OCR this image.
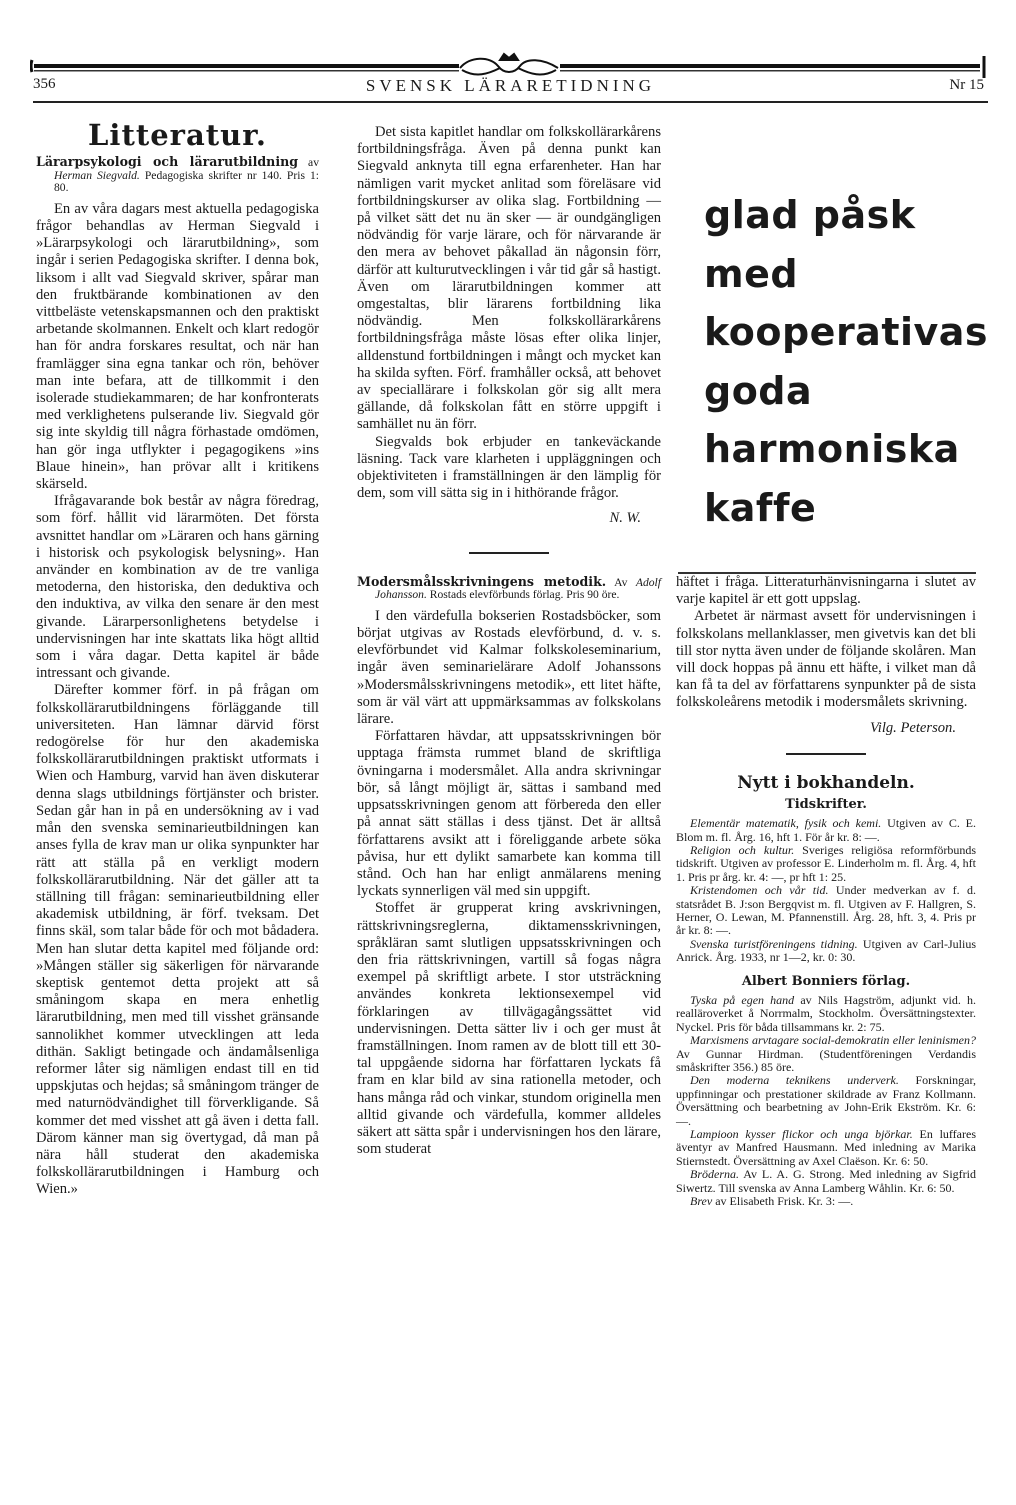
356	SVENSK LÄRARETIDNING	Nr 15
Litteratur.
Lärarpsykologi och lärarutbildning av Herman Siegvald. Pedagogiska skrifter nr 140. Pris 1: 80.

En av våra dagars mest aktuella pedagogiska frågor behandlas av Herman Siegvald i »Lärarpsykologi och lärarutbildning», som ingår i serien Pedagogiska skrifter. I denna bok, liksom i allt vad Siegvald skriver, spårar man den fruktbärande kombinationen av den vittbeläste vetenskapsmannen och den praktiskt arbetande skolmannen. Enkelt och klart redogör han för andra forskares resultat, och när han framlägger sina egna tankar och rön, behöver man inte befara, att de tillkommit i den isolerade studiekammaren; de har konfronterats med verklighetens pulserande liv. Siegvald gör sig inte skyldig till några förhastade omdömen, han gör inga utflykter i pegagogikens »ins Blaue hinein», han prövar allt i kritikens skärseld.

Ifrågavarande bok består av några föredrag, som förf. hållit vid lärarmöten. Det första avsnittet handlar om »Läraren och hans gärning i historisk och psykologisk belysning». Han använder en kombination av de tre vanliga metoderna, den historiska, den deduktiva och den induktiva, av vilka den senare är den mest givande. Lärarpersonlighetens betydelse i undervisningen har inte skattats lika högt alltid som i våra dagar. Detta kapitel är både intressant och givande.

Därefter kommer förf. in på frågan om folkskollärarutbildningens förläggande till universiteten. Han lämnar därvid först redogörelse för hur den akademiska folkskollärarutbildningen praktiskt utformats i Wien och Hamburg, varvid han även diskuterar denna slags utbildnings förtjänster och brister. Sedan går han in på en undersökning av i vad mån den svenska seminarieutbildningen kan anses fylla de krav man ur olika synpunkter har rätt att ställa på en verkligt modern folkskollärarutbildning. När det gäller att ta ställning till frågan: seminarieutbildning eller akademisk utbildning, är förf. tveksam. Det finns skäl, som talar både för och mot bådadera. Men han slutar detta kapitel med följande ord: »Mången ställer sig säkerligen för närvarande skeptisk gentemot detta projekt att så småningom skapa en mera enhetlig lärarutbildning, men med till visshet gränsande sannolikhet kommer utvecklingen att leda dithän. Sakligt betingade och ändamålsenliga reformer låter sig nämligen endast till en tid uppskjutas och hejdas; så småningom tränger de med naturnödvändighet till förverkligande. Så kommer det med visshet att gå även i detta fall. Därom känner man sig övertygad, då man på nära håll studerat den akademiska folkskollärarutbildningen i Hamburg och Wien.»

Det sista kapitlet handlar om folkskollärarkårens fortbildningsfråga. Även på denna punkt kan Siegvald anknyta till egna erfarenheter. Han har nämligen varit mycket anlitad som föreläsare vid fortbildningskurser av olika slag. Fortbildning — på vilket sätt det nu än sker — är oundgängligen nödvändig för varje lärare, och för närvarande är den mera av behovet påkallad än någonsin förr, därför att kulturutvecklingen i vår tid går så hastigt. Även om lärarutbildningen kommer att omgestaltas, blir lärarens fortbildning lika nödvändig. Men folkskollärarkårens fortbildningsfråga måste lösas efter olika linjer, alldenstund fortbildningen i mångt och mycket kan ha skilda syften. Förf. framhåller också, att behovet av speciallärare i folkskolan gör sig allt mera gällande, då folkskolan fått en större uppgift i samhället nu än förr.

Siegvalds bok erbjuder en tankeväckande läsning. Tack vare klarheten i uppläggningen och objektiviteten i framställningen är den lämplig för dem, som vill sätta sig in i hithörande frågor.

N. W.
Modersmålsskrivningens metodik. Av Adolf Johansson. Rostads elevförbunds förlag. Pris 90 öre.

I den värdefulla bokserien Rostadsböcker, som börjat utgivas av Rostads elevförbund, d. v. s. elevförbundet vid Kalmar folkskoleseminarium, ingår även seminarielärare Adolf Johanssons »Modersmålsskrivningens metodik», ett litet häfte, som är väl värt att uppmärksammas av folkskolans lärare.

Författaren hävdar, att uppsatsskrivningen bör upptaga främsta rummet bland de skriftliga övningarna i modersmålet. Alla andra skrivningar bör, så långt möjligt är, sättas i samband med uppsatsskrivningen genom att förbereda den eller på annat sätt ställas i dess tjänst. Det är alltså författarens avsikt att i föreliggande arbete söka påvisa, hur ett dylikt samarbete kan komma till stånd. Och han har enligt anmälarens mening lyckats synnerligen väl med sin uppgift.

Stoffet är grupperat kring avskrivningen, rättskrivningsreglerna, diktamensskrivningen, språkläran samt slutligen uppsatsskrivningen och den fria rättskrivningen, vartill så fogas några exempel på skriftligt arbete. I stor utsträckning användes konkreta lektionsexempel vid förklaringen av tillvägagångssättet vid undervisningen. Detta sätter liv i och ger must åt framställningen. Inom ramen av de blott till ett 30-tal uppgående sidorna har författaren lyckats få fram en klar bild av sina rationella metoder, och hans många råd och vinkar, stundom originella men alltid givande och värdefulla, kommer alldeles säkert att sätta spår i undervisningen hos den lärare, som studerat

glad påsk
med
kooperativas
goda
harmoniska
kaffe

häftet i fråga. Litteraturhänvisningarna i slutet av varje kapitel är ett gott uppslag.

Arbetet är närmast avsett för undervisningen i folkskolans mellanklasser, men givetvis kan det bli till stor nytta även under de följande skolåren. Man vill dock hoppas på ännu ett häfte, i vilket man då kan få ta del av författarens synpunkter på de sista folkskoleårens metodik i modersmålets skrivning.

Vilg. Peterson.
Nytt i bokhandeln.
Tidskrifter.

Elementär matematik, fysik och kemi. Utgiven av C. E. Blom m. fl. Årg. 16, hft 1. För år kr. 8: —.

Religion och kultur. Sveriges religiösa reformförbunds tidskrift. Utgiven av professor E. Linderholm m. fl. Årg. 4, hft 1. Pris pr årg. kr. 4: —, pr hft 1: 25.

Kristendomen och vår tid. Under medverkan av f. d. statsrådet B. J:son Bergqvist m. fl. Utgiven av F. Hallgren, S. Herner, O. Lewan, M. Pfannenstill. Årg. 28, hft. 3, 4. Pris pr år kr. 8: —.

Svenska turistföreningens tidning. Utgiven av Carl-Julius Anrick. Årg. 1933, nr 1—2, kr. 0: 30.

Albert Bonniers förlag.

Tyska på egen hand av Nils Hagström, adjunkt vid. h. realläroverket å Norrmalm, Stockholm. Översättningstexter. Nyckel. Pris för båda tillsammans kr. 2: 75.

Marxismens arvtagare social-demokratin eller leninismen? Av Gunnar Hirdman. (Studentföreningen Verdandis småskrifter 356.) 85 öre.

Den moderna teknikens underverk. Forskningar, uppfinningar och prestationer skildrade av Franz Kollmann. Översättning och bearbetning av John-Erik Ekström. Kr. 6: —.

Lampioon kysser flickor och unga björkar. En luffares äventyr av Manfred Hausmann. Med inledning av Marika Stiernstedt. Översättning av Axel Claëson. Kr. 6: 50.

Bröderna. Av L. A. G. Strong. Med inledning av Sigfrid Siwertz. Till svenska av Anna Lamberg Wåhlin. Kr. 6: 50.

Brev av Elisabeth Frisk. Kr. 3: —.
